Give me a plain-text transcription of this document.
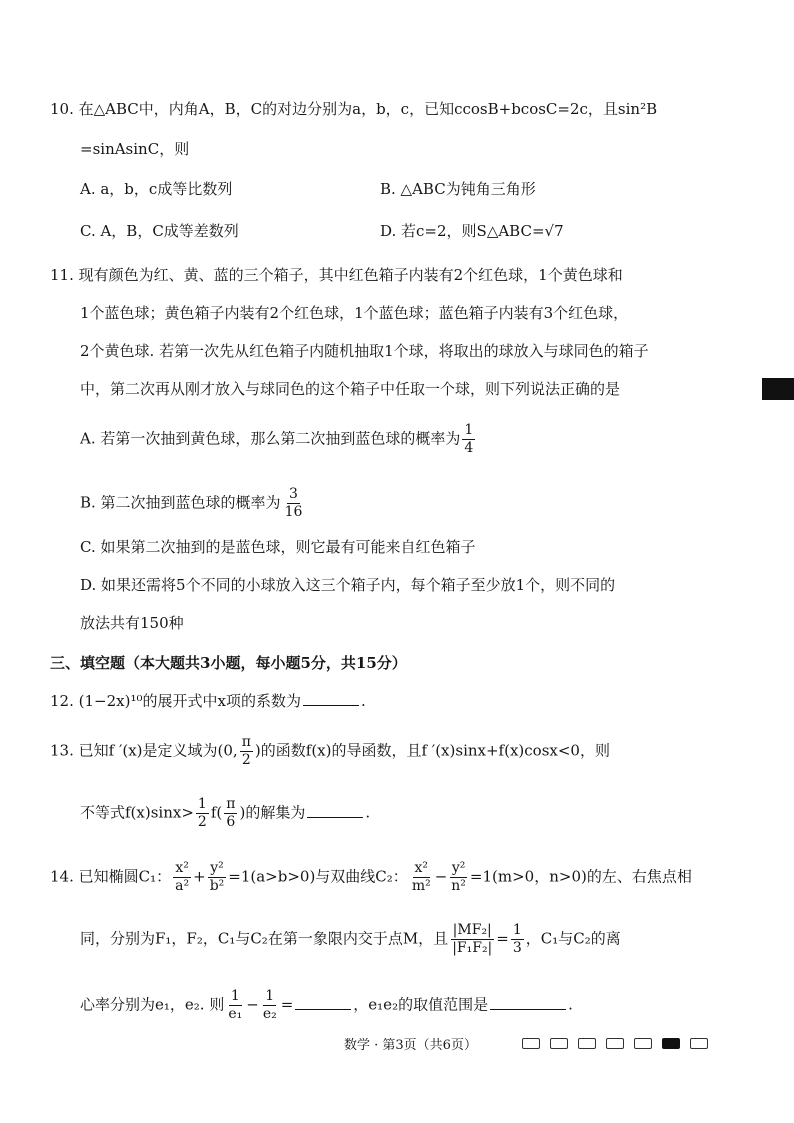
10. 在△ABC中，内角A，B，C的对边分别为a，b，c，已知ccosB+bcosC=2c，且sin²B
=sinAsinC，则
A. a，b，c成等比数列	B. △ABC为钝角三角形
C. A，B，C成等差数列	D. 若c=2，则S△ABC=√7
11. 现有颜色为红、黄、蓝的三个箱子，其中红色箱子内装有2个红色球，1个黄色球和
1个蓝色球；黄色箱子内装有2个红色球，1个蓝色球；蓝色箱子内装有3个红色球，
2个黄色球. 若第一次先从红色箱子内随机抽取1个球，将取出的球放入与球同色的箱子
中，第二次再从刚才放入与球同色的这个箱子中任取一个球，则下列说法正确的是
A. 若第一次抽到黄色球，那么第二次抽到蓝色球的概率为 $\frac{1}{4}$
B. 第二次抽到蓝色球的概率为 $\frac{3}{16}$
C. 如果第二次抽到的是蓝色球，则它最有可能来自红色箱子
D. 如果还需将5个不同的小球放入这三个箱子内，每个箱子至少放1个，则不同的
放法共有150种
三、填空题（本大题共3小题，每小题5分，共15分）
12. (1−2x)¹⁰的展开式中x项的系数为	.
13. 已知f ′(x)是定义域为(0, $\frac{\pi}{2}$ )的函数f(x)的导函数，且f ′(x)sinx+f(x)cosx<0，则
不等式$f(x)\sin x> \frac{1}{2} f( \frac{\pi}{6}$ )的解集为	.
14. 已知椭圆C₁： $\frac{\text{x²}}{\text{a²}} + \frac{\text{y²}}{\text{b²}} =1(a>b>0)$与双曲线C₂： $\frac{\text{x²}}{\text{m²}} - \frac{\text{y²}}{\text{n²}} =1(m>0$，n>0)的左、右焦点相
同，分别为F₁，F₂，C₁与C₂在第一象限内交于点M，且 $\frac{\text{|MF₂|}}{\text{|F₁F₂|}} = \frac{1}{3}$ ，C₁与C₂的离
心率分别为e₁，e₂. 则 $\frac{1}{\text{e₁}} - \frac{1}{\text{e₂}}$ =	，e₁e₂的取值范围是	.
数学 · 第3页（共6页）
